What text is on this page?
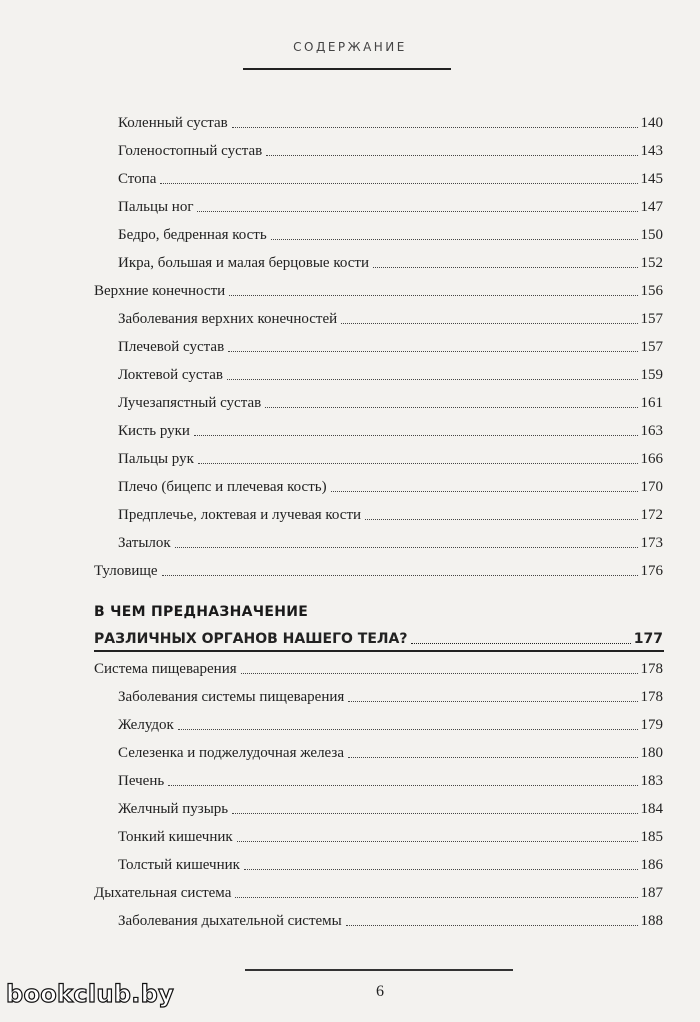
СОДЕРЖАНИЕ
Коленный сустав	140
Голеностопный сустав	143
Стопа	145
Пальцы ног	147
Бедро, бедренная кость	150
Икра, большая и малая берцовые кости	152
Верхние конечности	156
Заболевания верхних конечностей	157
Плечевой сустав	157
Локтевой сустав	159
Лучезапястный сустав	161
Кисть руки	163
Пальцы рук	166
Плечо (бицепс и плечевая кость)	170
Предплечье, локтевая и лучевая кости	172
Затылок	173
Туловище	176
В ЧЕМ ПРЕДНАЗНАЧЕНИЕ
РАЗЛИЧНЫХ ОРГАНОВ НАШЕГО ТЕЛА?	177
Система пищеварения	178
Заболевания системы пищеварения	178
Желудок	179
Селезенка и поджелудочная железа	180
Печень	183
Желчный пузырь	184
Тонкий кишечник	185
Толстый кишечник	186
Дыхательная система	187
Заболевания дыхательной системы	188
6
bookclub.by
